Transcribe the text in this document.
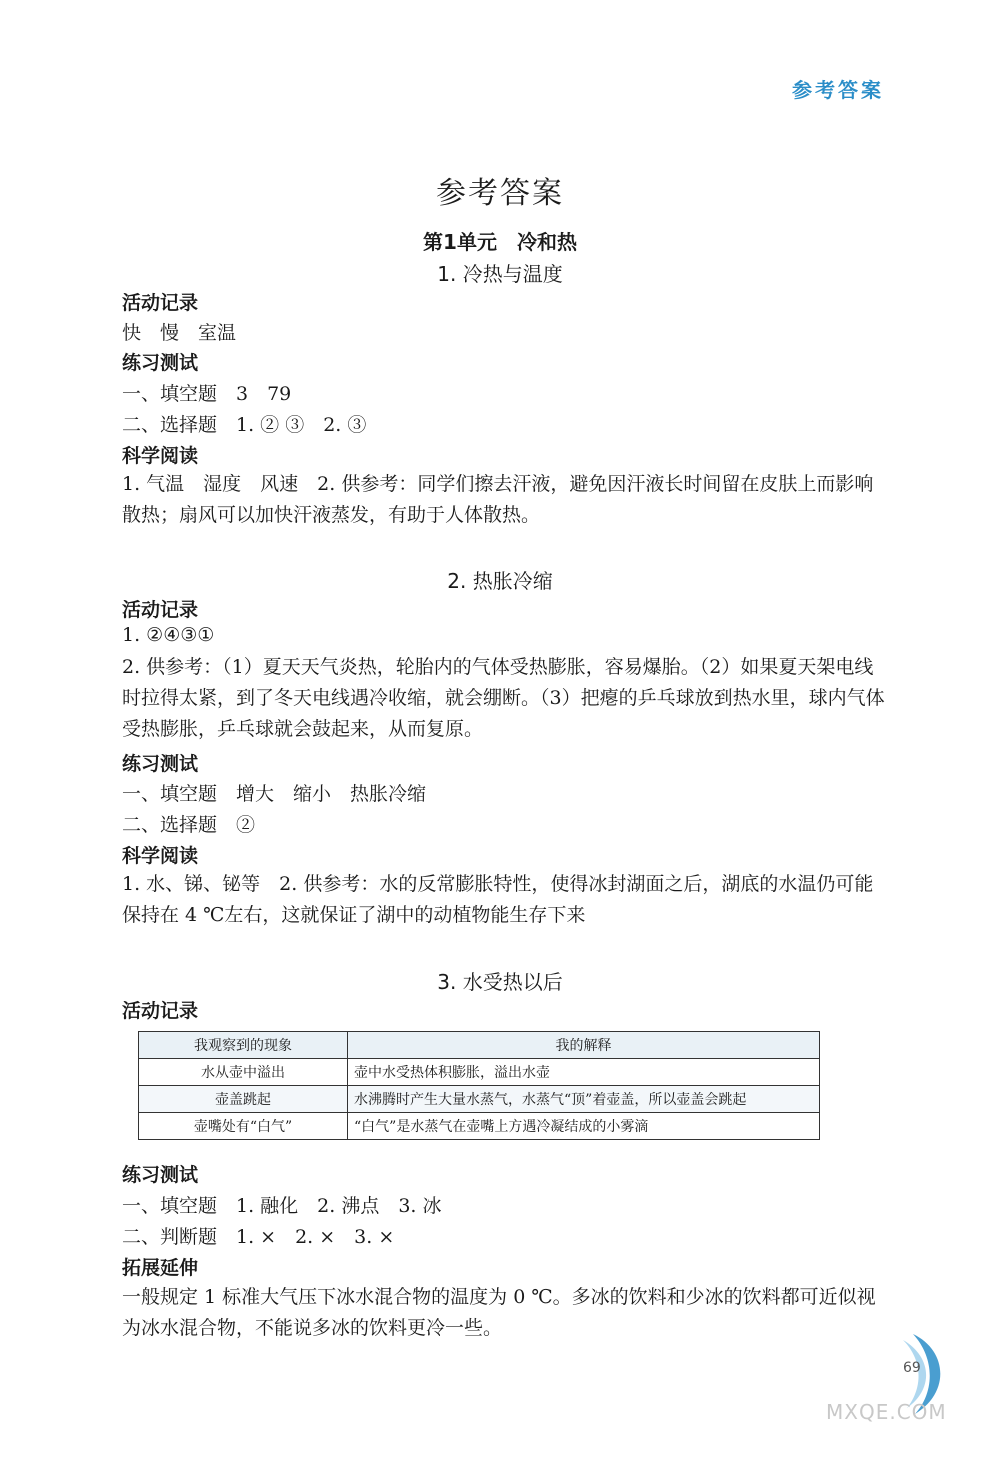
参考答案
参考答案
第1单元　冷和热
1. 冷热与温度
活动记录
快　慢　室温
练习测试
一、填空题　3　79
二、选择题　1. ② ③　2. ③
科学阅读
1. 气温　湿度　风速　2. 供参考：同学们擦去汗液，避免因汗液长时间留在皮肤上而影响散热；扇风可以加快汗液蒸发，有助于人体散热。
2. 热胀冷缩
活动记录
1. ②④③①
2. 供参考：（1）夏天天气炎热，轮胎内的气体受热膨胀，容易爆胎。（2）如果夏天架电线时拉得太紧，到了冬天电线遇冷收缩，就会绷断。（3）把瘪的乒乓球放到热水里，球内气体受热膨胀，乒乓球就会鼓起来，从而复原。
练习测试
一、填空题　增大　缩小　热胀冷缩
二、选择题　②
科学阅读
1. 水、锑、铋等　2. 供参考：水的反常膨胀特性，使得冰封湖面之后，湖底的水温仍可能保持在 4 ℃左右，这就保证了湖中的动植物能生存下来
3. 水受热以后
活动记录
我观察到的现象	我的解释
水从壶中溢出	壶中水受热体积膨胀，溢出水壶
壶盖跳起	水沸腾时产生大量水蒸气，水蒸气“顶”着壶盖，所以壶盖会跳起
壶嘴处有“白气”	“白气”是水蒸气在壶嘴上方遇冷凝结成的小雾滴
练习测试
一、填空题　1. 融化　2. 沸点　3. 冰
二、判断题　1. ×　2. ×　3. ×
拓展延伸
一般规定 1 标准大气压下冰水混合物的温度为 0 ℃。多冰的饮料和少冰的饮料都可近似视为冰水混合物，不能说多冰的饮料更冷一些。
69
MXQE.COM
